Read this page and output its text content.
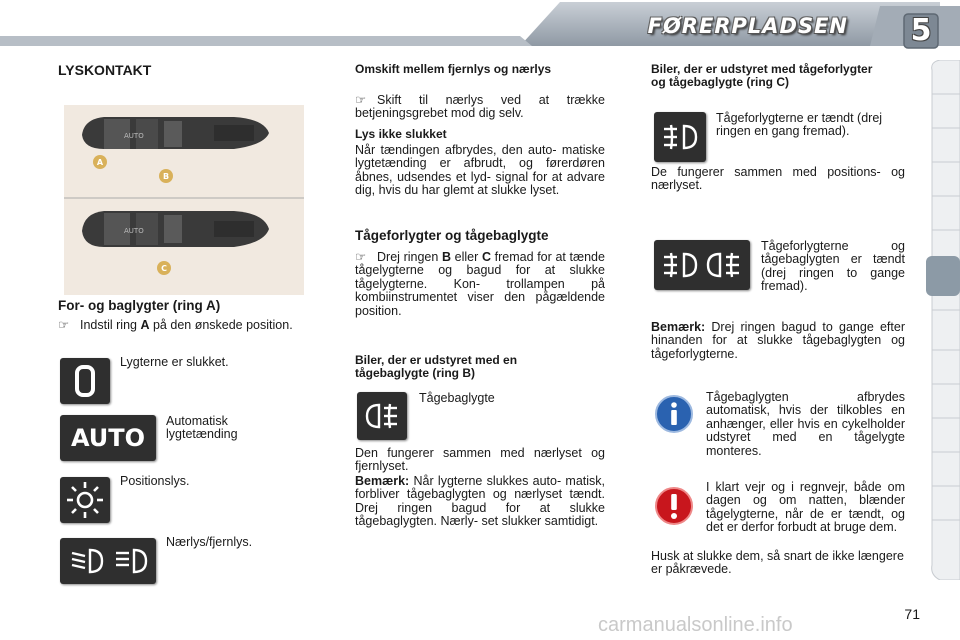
FØRERPLADSEN 5
LYSKONTAKT
AUTO
A
B
AUTO
C
For- og baglygter (ring A)
☞ Indstil ring A på den ønskede position.
Lygterne er slukket.
AUTO
Automatisk lygtetænding
Positionslys.
Nærlys/fjernlys.
Omskift mellem fjernlys og nærlys
☞ Skift til nærlys ved at trække betjeningsgrebet mod dig selv.
Lys ikke slukket
Når tændingen afbrydes, den auto- matiske lygtetænding er afbrudt, og førerdøren åbnes, udsendes et lyd- signal for at advare dig, hvis du har glemt at slukke lyset.
Tågeforlygter og tågebaglygte
☞ Drej ringen B eller C fremad for at tænde tågelygterne og bagud for at slukke tågelygterne. Kon- trollampen på kombiinstrumentet viser den pågældende position.
Biler, der er udstyret med en tågebaglygte (ring B)
Tågebaglygte
Den fungerer sammen med nærlyset og fjernlyset.
Bemærk: Når lygterne slukkes auto- matisk, forbliver tågebaglygten og nærlyset tændt. Drej ringen bagud for at slukke tågebaglygten. Nærly- set slukker samtidigt.
Biler, der er udstyret med tågeforlygter og tågebaglygte (ring C)
Tågeforlygterne er tændt (drej ringen en gang fremad).
De fungerer sammen med positions- og nærlyset.
Tågeforlygterne og tågebaglygten er tændt (drej ringen to gange fremad).
Bemærk: Drej ringen bagud to gange efter hinanden for at slukke tågebaglygten og tågeforlygterne.
Tågebaglygten afbrydes automatisk, hvis der tilkobles en anhænger, eller hvis en cykelholder udstyret med en tågelygte monteres.
I klart vejr og i regnvejr, både om dagen og om natten, blænder tågelygterne, når de er tændt, og det er derfor forbudt at bruge dem.
Husk at slukke dem, så snart de ikke længere er påkrævede.
71
carmanualsonline.info
